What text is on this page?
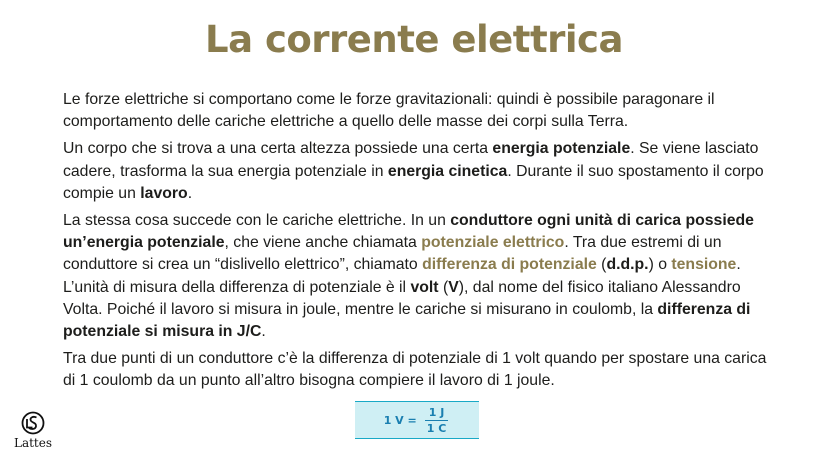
La corrente elettrica

Le forze elettriche si comportano come le forze gravitazionali: quindi è possibile paragonare il comportamento delle cariche elettriche a quello delle masse dei corpi sulla Terra.

Un corpo che si trova a una certa altezza possiede una certa energia potenziale. Se viene lasciato cadere, trasforma la sua energia potenziale in energia cinetica. Durante il suo spostamento il corpo compie un lavoro.

La stessa cosa succede con le cariche elettriche. In un conduttore ogni unità di carica possiede un’energia potenziale, che viene anche chiamata potenziale elettrico. Tra due estremi di un conduttore si crea un “dislivello elettrico”, chiamato differenza di potenziale (d.d.p.) o tensione. L’unità di misura della differenza di potenziale è il volt (V), dal nome del fisico italiano Alessandro Volta. Poiché il lavoro si misura in joule, mentre le cariche si misurano in coulomb, la differenza di potenziale si misura in J/C.

Tra due punti di un conduttore c’è la differenza di potenziale di 1 volt quando per spostare una carica di 1 coulomb da un punto all’altro bisogna compiere il lavoro di 1 joule.

1 $V = \frac{1 J}{1 C}$
Lattes
